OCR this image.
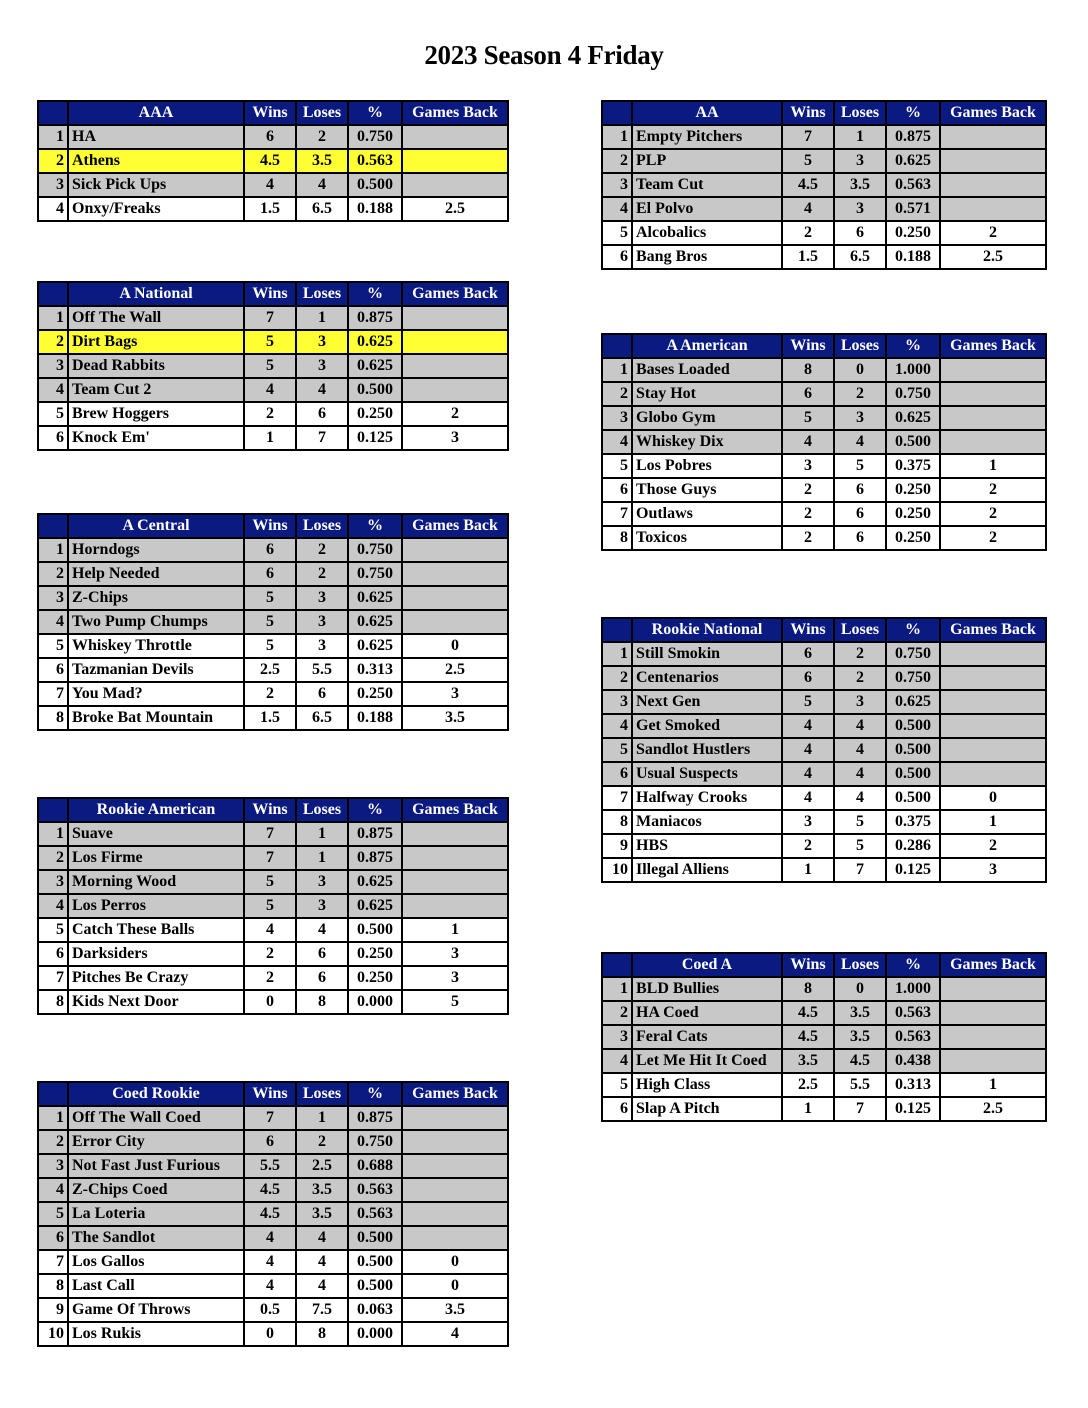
2023 Season 4 Friday
	AAA	Wins	Loses	%	Games Back
1	HA	6	2	0.750	
2	Athens	4.5	3.5	0.563	
3	Sick Pick Ups	4	4	0.500	
4	Onxy/Freaks	1.5	6.5	0.188	2.5
	A National	Wins	Loses	%	Games Back
1	Off The Wall	7	1	0.875	
2	Dirt Bags	5	3	0.625	
3	Dead Rabbits	5	3	0.625	
4	Team Cut 2	4	4	0.500	
5	Brew Hoggers	2	6	0.250	2
6	Knock Em'	1	7	0.125	3
	A Central	Wins	Loses	%	Games Back
1	Horndogs	6	2	0.750	
2	Help Needed	6	2	0.750	
3	Z-Chips	5	3	0.625	
4	Two Pump Chumps	5	3	0.625	
5	Whiskey Throttle	5	3	0.625	0
6	Tazmanian Devils	2.5	5.5	0.313	2.5
7	You Mad?	2	6	0.250	3
8	Broke Bat Mountain	1.5	6.5	0.188	3.5
	Rookie American	Wins	Loses	%	Games Back
1	Suave	7	1	0.875	
2	Los Firme	7	1	0.875	
3	Morning Wood	5	3	0.625	
4	Los Perros	5	3	0.625	
5	Catch These Balls	4	4	0.500	1
6	Darksiders	2	6	0.250	3
7	Pitches Be Crazy	2	6	0.250	3
8	Kids Next Door	0	8	0.000	5
	Coed Rookie	Wins	Loses	%	Games Back
1	Off The Wall Coed	7	1	0.875	
2	Error City	6	2	0.750	
3	Not Fast Just Furious	5.5	2.5	0.688	
4	Z-Chips Coed	4.5	3.5	0.563	
5	La Loteria	4.5	3.5	0.563	
6	The Sandlot	4	4	0.500	
7	Los Gallos	4	4	0.500	0
8	Last Call	4	4	0.500	0
9	Game Of Throws	0.5	7.5	0.063	3.5
10	Los Rukis	0	8	0.000	4
	AA	Wins	Loses	%	Games Back
1	Empty Pitchers	7	1	0.875	
2	PLP	5	3	0.625	
3	Team Cut	4.5	3.5	0.563	
4	El Polvo	4	3	0.571	
5	Alcobalics	2	6	0.250	2
6	Bang Bros	1.5	6.5	0.188	2.5
	A American	Wins	Loses	%	Games Back
1	Bases Loaded	8	0	1.000	
2	Stay Hot	6	2	0.750	
3	Globo Gym	5	3	0.625	
4	Whiskey Dix	4	4	0.500	
5	Los Pobres	3	5	0.375	1
6	Those Guys	2	6	0.250	2
7	Outlaws	2	6	0.250	2
8	Toxicos	2	6	0.250	2
	Rookie National	Wins	Loses	%	Games Back
1	Still Smokin	6	2	0.750	
2	Centenarios	6	2	0.750	
3	Next Gen	5	3	0.625	
4	Get Smoked	4	4	0.500	
5	Sandlot Hustlers	4	4	0.500	
6	Usual Suspects	4	4	0.500	
7	Halfway Crooks	4	4	0.500	0
8	Maniacos	3	5	0.375	1
9	HBS	2	5	0.286	2
10	Illegal Alliens	1	7	0.125	3
	Coed A	Wins	Loses	%	Games Back
1	BLD Bullies	8	0	1.000	
2	HA Coed	4.5	3.5	0.563	
3	Feral Cats	4.5	3.5	0.563	
4	Let Me Hit It Coed	3.5	4.5	0.438	
5	High Class	2.5	5.5	0.313	1
6	Slap A Pitch	1	7	0.125	2.5
